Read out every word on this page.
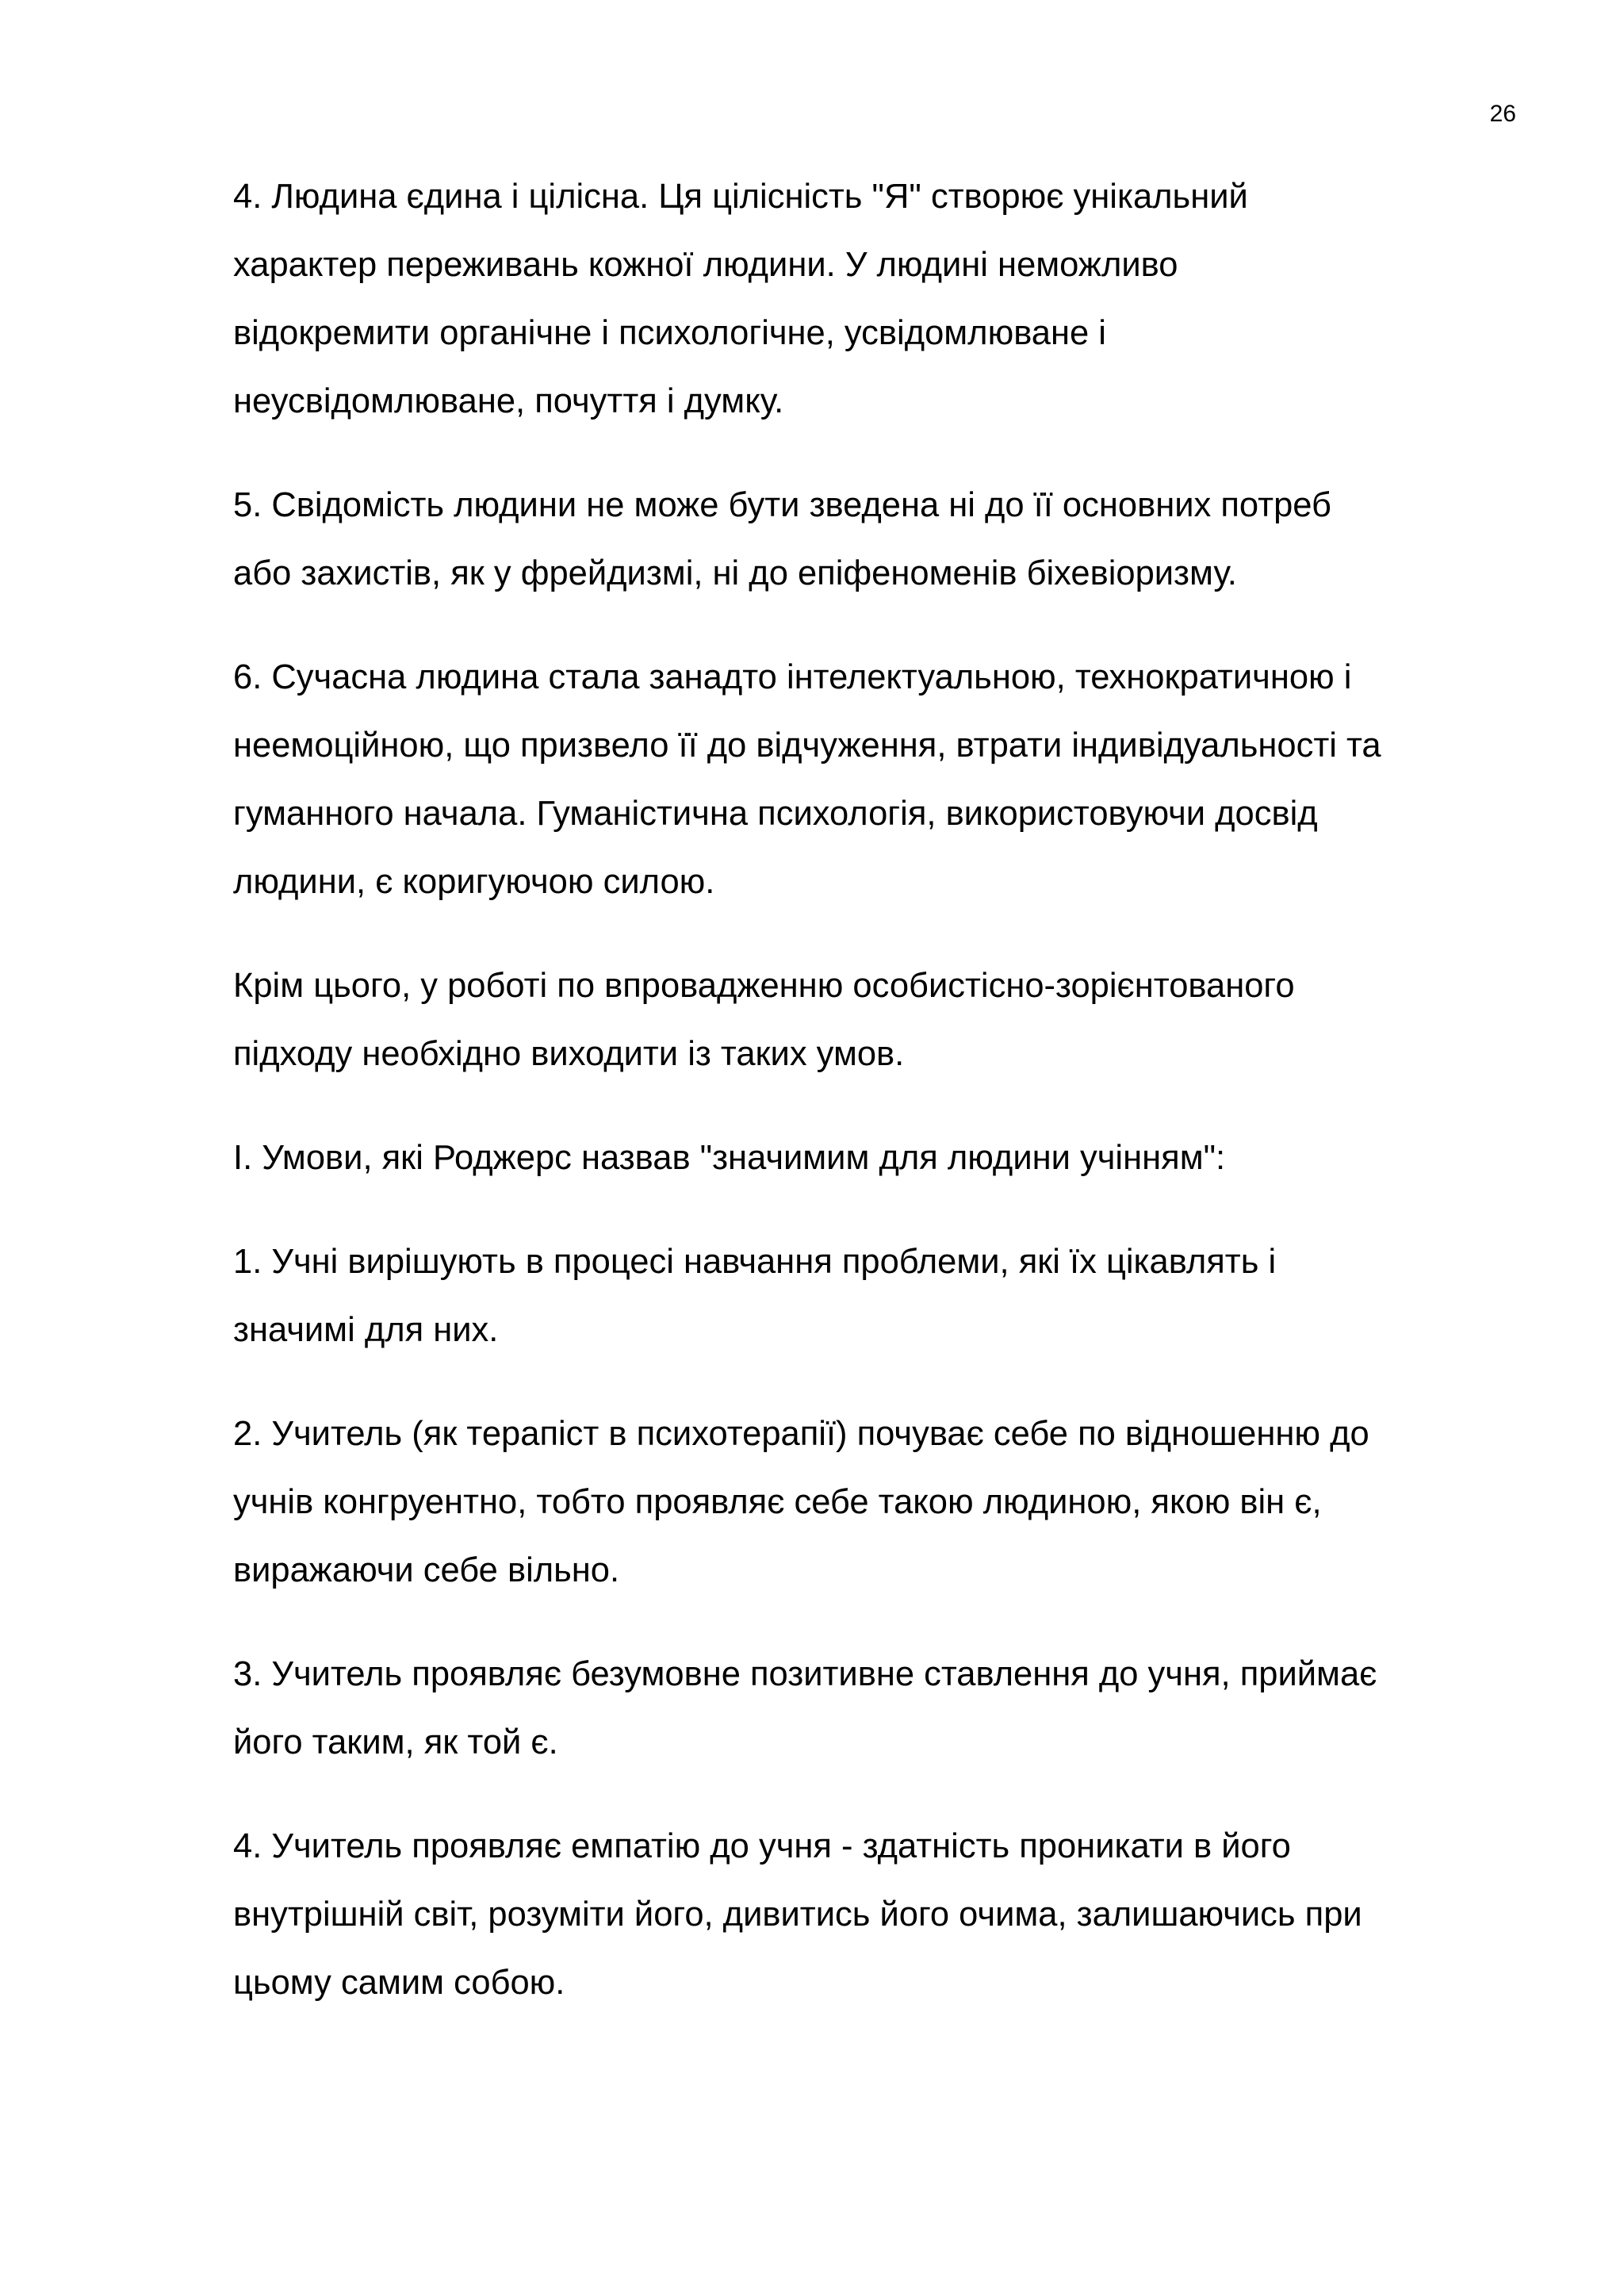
26

4. Людина єдина і цілісна. Ця цілісність "Я" створює унікальний
характер переживань кожної людини. У людині неможливо
відокремити органічне і психологічне, усвідомлюване і
неусвідомлюване, почуття і думку.

5. Свідомість людини не може бути зведена ні до її основних потреб
або захистів, як у фрейдизмі, ні до епіфеноменів біхевіоризму.

6. Сучасна людина стала занадто інтелектуальною, технократичною і
неемоційною, що призвело її до відчуження, втрати індивідуальності та
гуманного начала. Гуманістична психологія, використовуючи досвід
людини, є коригуючою силою.

Крім цього, у роботі по впровадженню особистісно-зорієнтованого
підходу необхідно виходити із таких умов.

I. Умови, які Роджерс назвав "значимим для людини учінням":

1. Учні вирішують в процесі навчання проблеми, які їх цікавлять і
значимі для них.

2. Учитель (як терапіст в психотерапії) почуває себе по відношенню до
учнів конгруентно, тобто проявляє себе такою людиною, якою він є,
виражаючи себе вільно.

3. Учитель проявляє безумовне позитивне ставлення до учня, приймає
його таким, як той є.

4. Учитель проявляє емпатію до учня - здатність проникати в його
внутрішній світ, розуміти його, дивитись його очима, залишаючись при
цьому самим собою.
